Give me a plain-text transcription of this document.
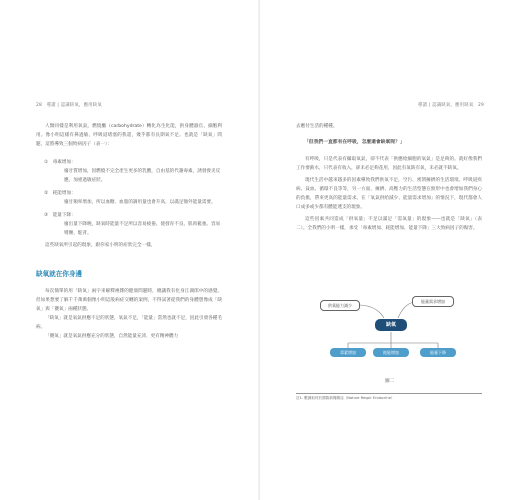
28　導讀 | 認識缺氧，應用缺氧

人類同樣是利用氧氣，燃燒醣（carbohydrate）轉化為生化能，供身體器官、細胞利用。像小明這樣有鼻過敏、呼吸道堵塞的我還，幾乎都有長期氧不足。也就是「缺氧」問題，這將導致三個致病因子（表一）：

①　毒素增加：

廢甘質增加，因燃燒不完全產生更多的乳酸，自由基的代謝毒素，誘發發炎反應，加重過敏症狀。

②　耗能增加：

廢甘頻率增加，所以血糖、血脂的調用量也會升高，以滿足額外能量需要。

③　能量下降：

廢出量下降晚，缺氧時能量不足所以容易疲倦、使發育不良、肌肉鬆弛、容易彎腰、駝背。

這些缺氧所引起的現象，跟你家小明的症狀完全一樣。

缺氧就在你身邊

每次簡單的用「缺氧」兩字來解釋複雜的健康問題時，總讓我有化身江湖郎中的感覺。但如果想要了解千千萬萬個像小明這般病症交纏的案例，不得試著從我們的身體想像成「缺氧」與「優氧」兩種狀態。

「缺氧」就是氧氣供應不足的狀態，氧氣不足，「能量」當然也就不足，因此引發各種毛病。

「優氧」就是氧氣供應充分的狀態，自然能量充沛，更有精神體力

導讀 | 認識缺氧，應用缺氧　29

去應付生活的種種。

「但我們一直都有在呼吸，怎麼還會缺氧呢？」

有呼吸，只是代表有攝取氧氣，卻不代表「供應給細胞的氧氣」是足夠的。就好像我們工作要薪水，只代表有收入，卻未必足夠花用，因此有氧缺有氧，未必就不缺氧。

現代生活中越來越多的因素導致我們供氧不足，空污、密閉擁擠的生活環境、呼吸道疾病、貧血、循環不良等等，另一方面，擁擠、高壓力的生活型態在無形中也會增加我們身心的負擔，帶來更高的能量需求。在「氧氣供給減少、能量需求增加」的情況下，現代都會人口成多或少都有體能透支的現象。

這些因素共同造成「供氧量」不足以滿足「需氧量」的現象——也就是「缺氧」（表二）。全我們的小明一樣，承受「毒素增加、耗能增加、能量下降」三大致病因子的傷害。

供氧能力減少
能量需求增加
缺氧
毒素增加	耗能增加	能量下降
圖二
註1. 數據取材於國際新聞雜誌（Nature Respir Endocrine）
